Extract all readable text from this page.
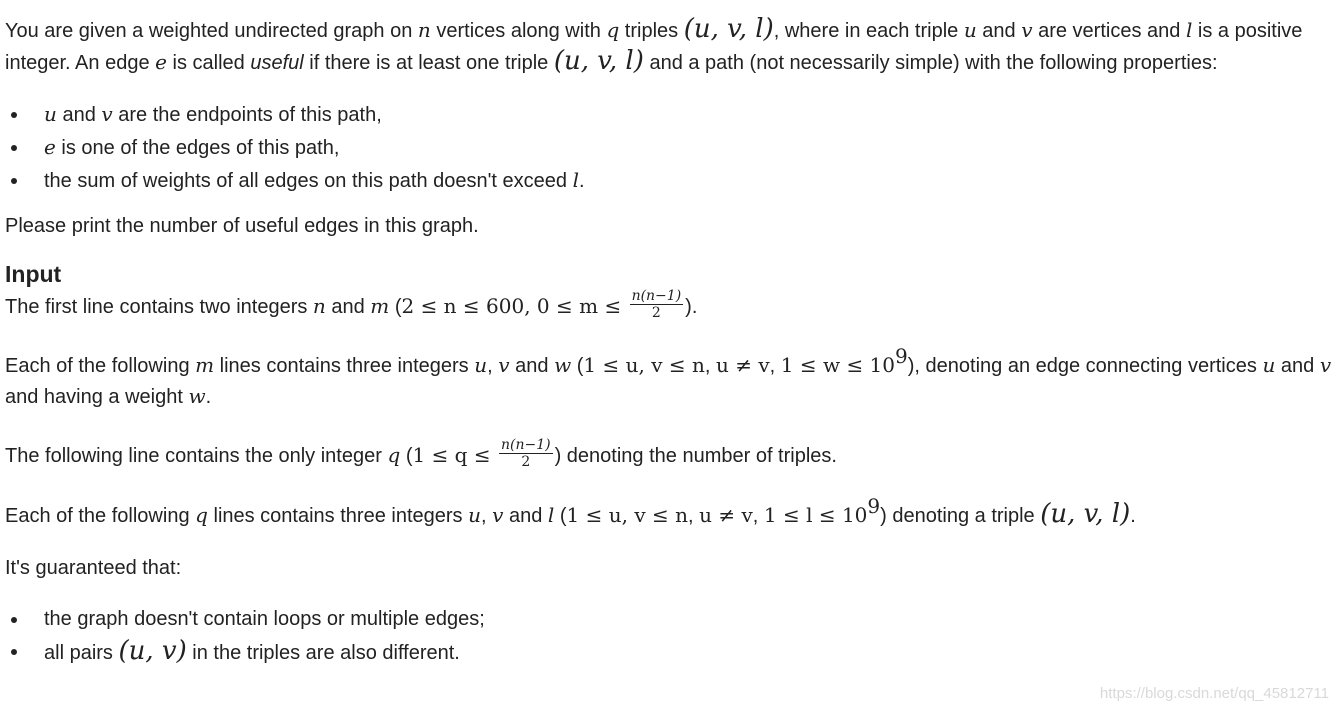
You are given a weighted undirected graph on n vertices along with q triples (u, v, l), where in each triple u and v are vertices and l is a positive integer. An edge e is called useful if there is at least one triple (u, v, l) and a path (not necessarily simple) with the following properties:

u and v are the endpoints of this path,
e is one of the edges of this path,
the sum of weights of all edges on this path doesn't exceed l.

Please print the number of useful edges in this graph.

Input

The first line contains two integers n and m (2 ≤ n ≤ 600, $0 \le m \le \frac{n(n-1)}{2}$ ).

Each of the following m lines contains three integers u, v and w (1 ≤ u, v ≤ n, u ≠ v, $1 \le w \le 10^9$), denoting an edge connecting vertices u and v and having a weight w.

The following line contains the only integer q ($1 \le q \le \frac{n(n-1)}{2}$ ) denoting the number of triples.

Each of the following q lines contains three integers u, v and l (1 ≤ u, v ≤ n, u ≠ v, $1 \le l \le 10^9$) denoting a triple (u, v, l).

It's guaranteed that:

the graph doesn't contain loops or multiple edges;
all pairs (u, v) in the triples are also different.
https://blog.csdn.net/qq_45812711
